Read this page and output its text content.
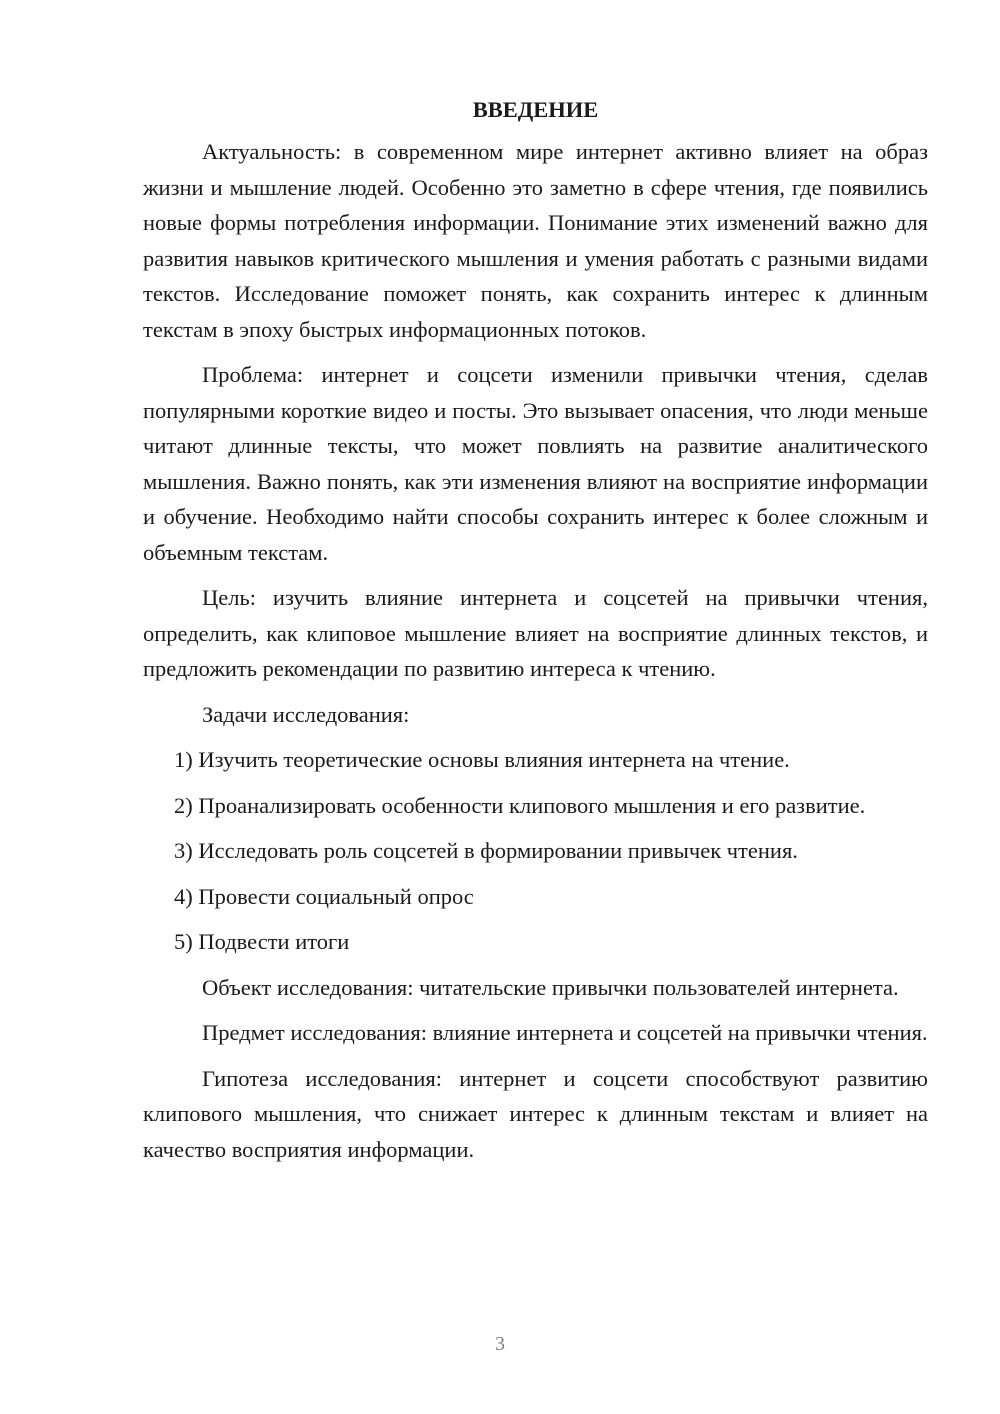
ВВЕДЕНИЕ

Актуальность: в современном мире интернет активно влияет на образ жизни и мышление людей. Особенно это заметно в сфере чтения, где появились новые формы потребления информации. Понимание этих изменений важно для развития навыков критического мышления и умения работать с разными видами текстов. Исследование поможет понять, как сохранить интерес к длинным текстам в эпоху быстрых информационных потоков.

Проблема: интернет и соцсети изменили привычки чтения, сделав популярными короткие видео и посты. Это вызывает опасения, что люди меньше читают длинные тексты, что может повлиять на развитие аналитического мышления. Важно понять, как эти изменения влияют на восприятие информации и обучение. Необходимо найти способы сохранить интерес к более сложным и объемным текстам.

Цель: изучить влияние интернета и соцсетей на привычки чтения, определить, как клиповое мышление влияет на восприятие длинных текстов, и предложить рекомендации по развитию интереса к чтению.

Задачи исследования:

1) Изучить теоретические основы влияния интернета на чтение.

2) Проанализировать особенности клипового мышления и его развитие.

3) Исследовать роль соцсетей в формировании привычек чтения.

4) Провести социальный опрос

5) Подвести итоги

Объект исследования: читательские привычки пользователей интернета.

Предмет исследования: влияние интернета и соцсетей на привычки чтения.

Гипотеза исследования: интернет и соцсети способствуют развитию клипового мышления, что снижает интерес к длинным текстам и влияет на качество восприятия информации.

3
